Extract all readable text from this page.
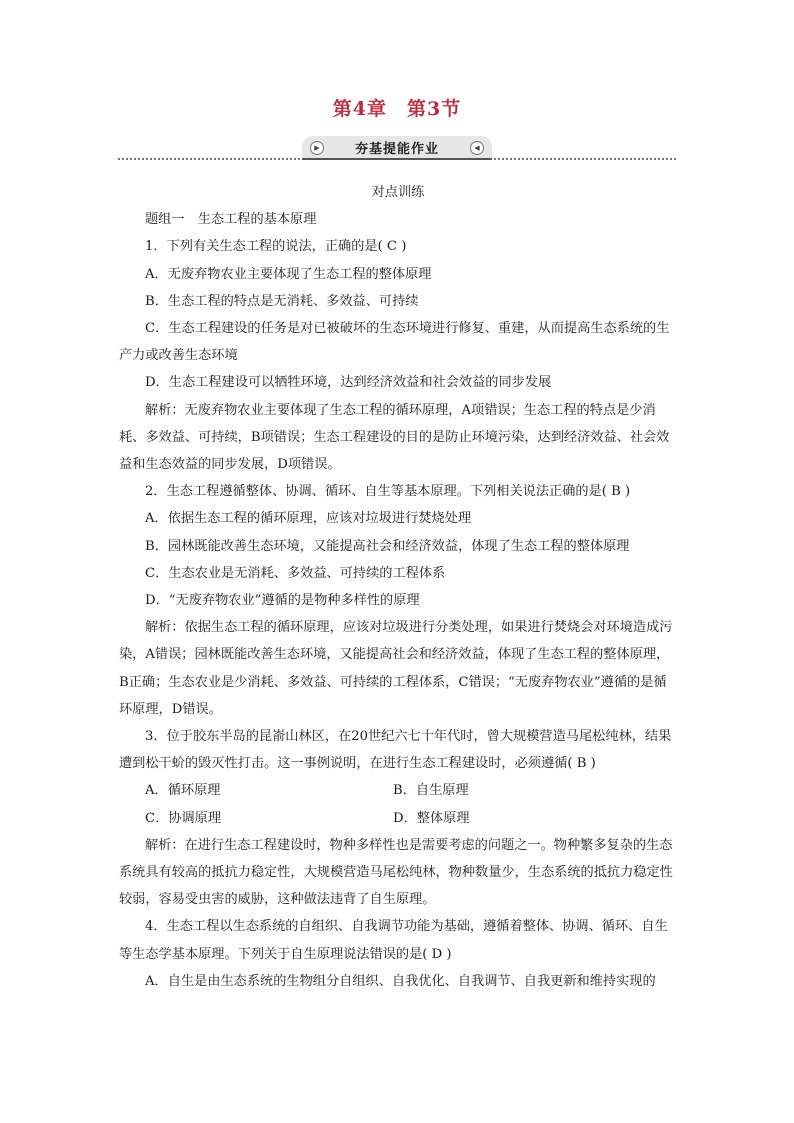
第4章　第3节
▶	夯基提能作业	◀

对点训练

题组一　生态工程的基本原理

1．下列有关生态工程的说法，正确的是( C )

A．无废弃物农业主要体现了生态工程的整体原理

B．生态工程的特点是无消耗、多效益、可持续

C．生态工程建设的任务是对已被破坏的生态环境进行修复、重建，从而提高生态系统的生产力或改善生态环境

D．生态工程建设可以牺牲环境，达到经济效益和社会效益的同步发展

解析：无废弃物农业主要体现了生态工程的循环原理，A项错误；生态工程的特点是少消耗、多效益、可持续，B项错误；生态工程建设的目的是防止环境污染，达到经济效益、社会效益和生态效益的同步发展，D项错误。

2．生态工程遵循整体、协调、循环、自生等基本原理。下列相关说法正确的是( B )

A．依据生态工程的循环原理，应该对垃圾进行焚烧处理

B．园林既能改善生态环境，又能提高社会和经济效益，体现了生态工程的整体原理

C．生态农业是无消耗、多效益、可持续的工程体系

D．“无废弃物农业”遵循的是物种多样性的原理

解析：依据生态工程的循环原理，应该对垃圾进行分类处理，如果进行焚烧会对环境造成污染，A错误；园林既能改善生态环境，又能提高社会和经济效益，体现了生态工程的整体原理，B正确；生态农业是少消耗、多效益、可持续的工程体系，C错误；“无废弃物农业”遵循的是循环原理，D错误。

3．位于胶东半岛的昆嵛山林区，在20世纪六七十年代时，曾大规模营造马尾松纯林，结果遭到松干蚧的毁灭性打击。这一事例说明，在进行生态工程建设时，必须遵循( B )

A．循环原理	B．自生原理
C．协调原理	D．整体原理

解析：在进行生态工程建设时，物种多样性也是需要考虑的问题之一。物种繁多复杂的生态系统具有较高的抵抗力稳定性，大规模营造马尾松纯林，物种数量少，生态系统的抵抗力稳定性较弱，容易受虫害的威胁，这种做法违背了自生原理。

4．生态工程以生态系统的自组织、自我调节功能为基础，遵循着整体、协调、循环、自生等生态学基本原理。下列关于自生原理说法错误的是( D )

A．自生是由生态系统的生物组分自组织、自我优化、自我调节、自我更新和维持实现的
